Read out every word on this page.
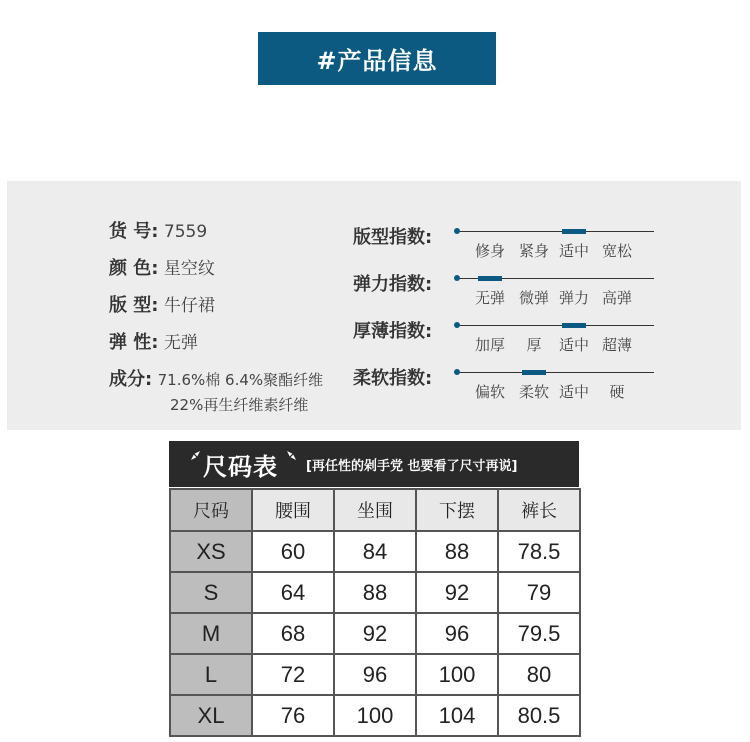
#产品信息
货 号: 7559
颜 色: 星空纹
版 型: 牛仔裙
弹 性: 无弹
成分: 71.6%棉 6.4%聚酯纤维
22%再生纤维素纤维
版型指数:
修身 紧身 适中 宽松
弹力指数:
无弹 微弹 弹力 高弹
厚薄指数:
加厚 厚 适中 超薄
柔软指数:
偏软 柔软 适中 硬
尺码表 [再任性的剁手党 也要看了尺寸再说]
尺码	腰围	坐围	下摆	裤长
XS	60	84	88	78.5
S	64	88	92	79
M	68	92	96	79.5
L	72	96	100	80
XL	76	100	104	80.5
